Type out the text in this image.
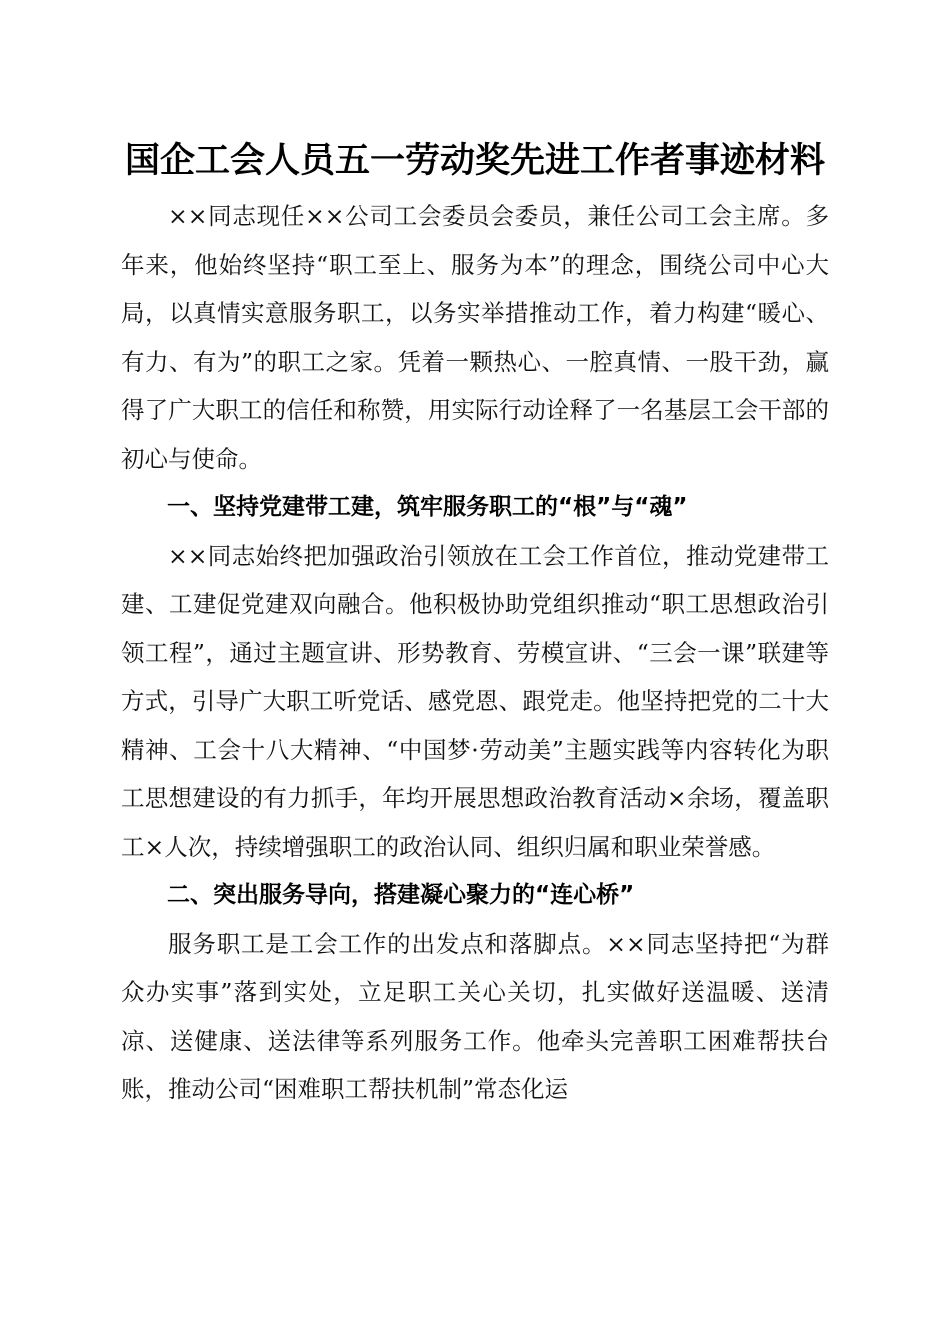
国企工会人员五一劳动奖先进工作者事迹材料

××同志现任××公司工会委员会委员，兼任公司工会主席。多年来，他始终坚持“职工至上、服务为本”的理念，围绕公司中心大局，以真情实意服务职工，以务实举措推动工作，着力构建“暖心、有力、有为”的职工之家。凭着一颗热心、一腔真情、一股干劲，赢得了广大职工的信任和称赞，用实际行动诠释了一名基层工会干部的初心与使命。

一、坚持党建带工建，筑牢服务职工的“根”与“魂”

××同志始终把加强政治引领放在工会工作首位，推动党建带工建、工建促党建双向融合。他积极协助党组织推动“职工思想政治引领工程”，通过主题宣讲、形势教育、劳模宣讲、“三会一课”联建等方式，引导广大职工听党话、感党恩、跟党走。他坚持把党的二十大精神、工会十八大精神、“中国梦·劳动美”主题实践等内容转化为职工思想建设的有力抓手，年均开展思想政治教育活动×余场，覆盖职工×人次，持续增强职工的政治认同、组织归属和职业荣誉感。

二、突出服务导向，搭建凝心聚力的“连心桥”

服务职工是工会工作的出发点和落脚点。××同志坚持把“为群众办实事”落到实处，立足职工关心关切，扎实做好送温暖、送清凉、送健康、送法律等系列服务工作。他牵头完善职工困难帮扶台账，推动公司“困难职工帮扶机制”常态化运
